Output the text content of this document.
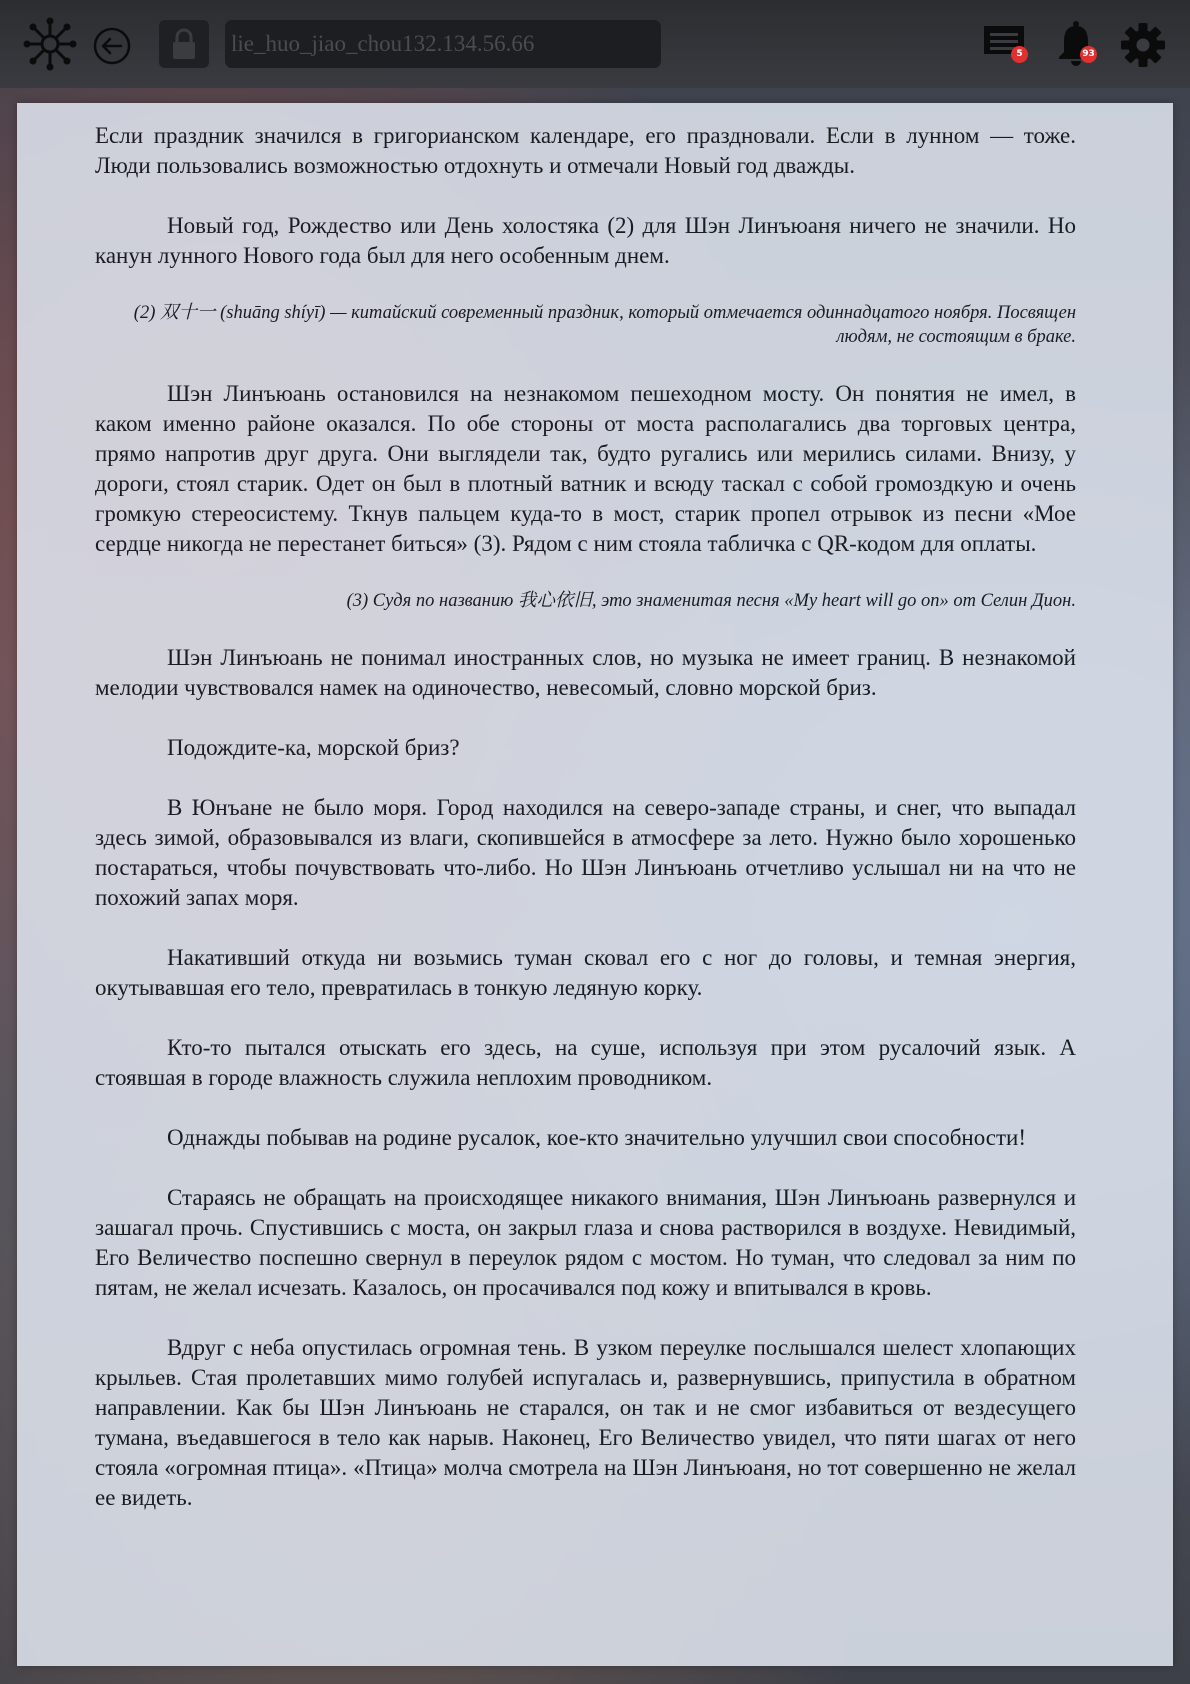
lie_huo_jiao_chou132.134.56.66	5	93

Если праздник значился в григорианском календаре, его праздновали. Если в лунном — тоже. Люди пользовались возможностью отдохнуть и отмечали Новый год дважды.

Новый год, Рождество или День холостяка (2) для Шэн Линъюаня ничего не значили. Но канун лунного Нового года был для него особенным днем.

(2) 双十一 (shuāng shíyī) — китайский современный праздник, который отмечается одиннадцатого ноября. Посвящен людям, не состоящим в браке.

Шэн Линъюань остановился на незнакомом пешеходном мосту. Он понятия не имел, в каком именно районе оказался. По обе стороны от моста располагались два торговых центра, прямо напротив друг друга. Они выглядели так, будто ругались или мерились силами. Внизу, у дороги, стоял старик. Одет он был в плотный ватник и всюду таскал с собой громоздкую и очень громкую стереосистему. Ткнув пальцем куда-то в мост, старик пропел отрывок из песни «Мое сердце никогда не перестанет биться» (3). Рядом с ним стояла табличка с QR-кодом для оплаты.

(3) Судя по названию 我心依旧, это знаменитая песня «My heart will go on» от Селин Дион.

Шэн Линъюань не понимал иностранных слов, но музыка не имеет границ. В незнакомой мелодии чувствовался намек на одиночество, невесомый, словно морской бриз.

Подождите-ка, морской бриз?

В Юнъане не было моря. Город находился на северо-западе страны, и снег, что выпадал здесь зимой, образовывался из влаги, скопившейся в атмосфере за лето. Нужно было хорошенько постараться, чтобы почувствовать что-либо. Но Шэн Линъюань отчетливо услышал ни на что не похожий запах моря.

Накативший откуда ни возьмись туман сковал его с ног до головы, и темная энергия, окутывавшая его тело, превратилась в тонкую ледяную корку.

Кто-то пытался отыскать его здесь, на суше, используя при этом русалочий язык. А стоявшая в городе влажность служила неплохим проводником.

Однажды побывав на родине русалок, кое-кто значительно улучшил свои способности!

Стараясь не обращать на происходящее никакого внимания, Шэн Линъюань развернулся и зашагал прочь. Спустившись с моста, он закрыл глаза и снова растворился в воздухе. Невидимый, Его Величество поспешно свернул в переулок рядом с мостом. Но туман, что следовал за ним по пятам, не желал исчезать. Казалось, он просачивался под кожу и впитывался в кровь.

Вдруг с неба опустилась огромная тень. В узком переулке послышался шелест хлопающих крыльев. Стая пролетавших мимо голубей испугалась и, развернувшись, припустила в обратном направлении. Как бы Шэн Линъюань не старался, он так и не смог избавиться от вездесущего тумана, въедавшегося в тело как нарыв. Наконец, Его Величество увидел, что пяти шагах от него стояла «огромная птица». «Птица» молча смотрела на Шэн Линъюаня, но тот совершенно не желал ее видеть.
